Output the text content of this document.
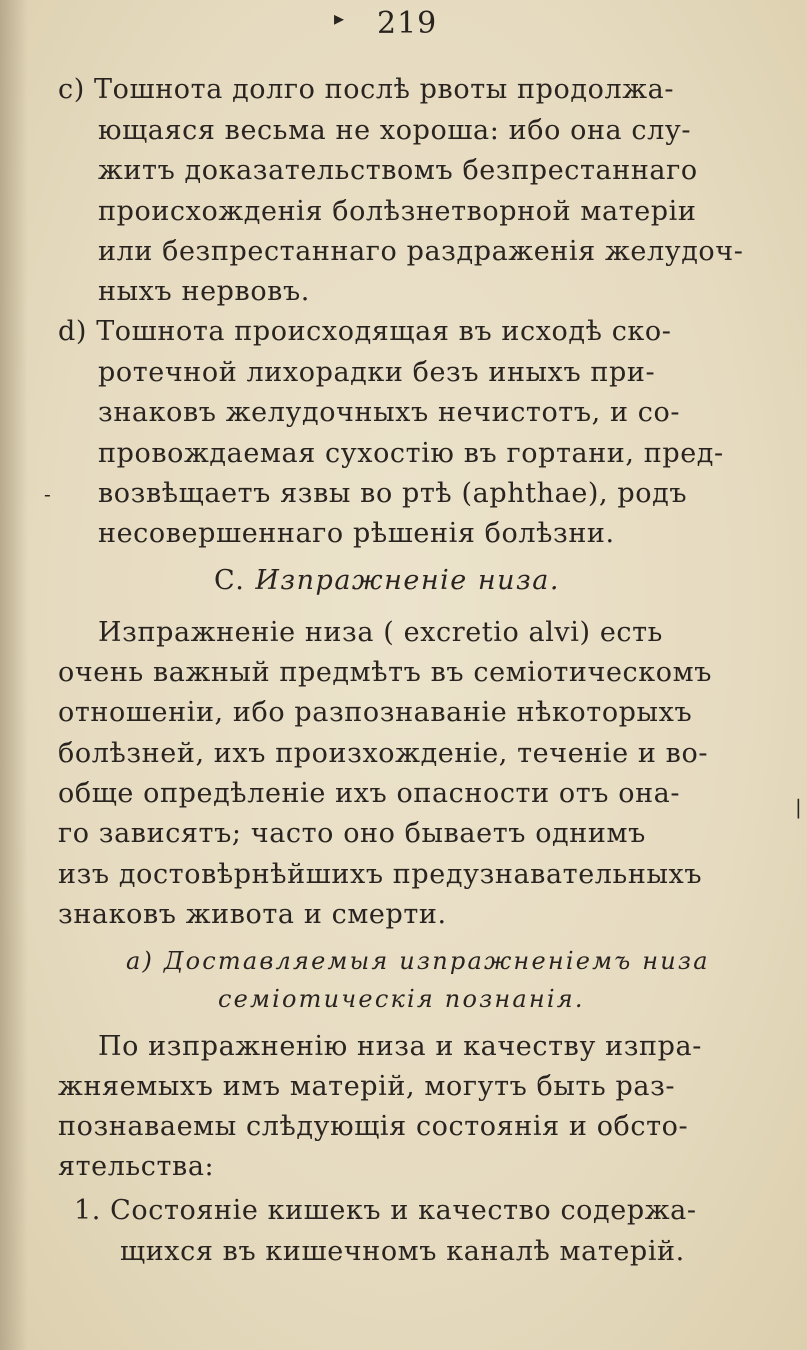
219
▸
c) Тошнота долго послѣ рвоты продолжа-
ющаяся весьма не хороша: ибо она слу-
житъ доказательствомъ безпрестаннаго
происхожденія болѣзнетворной матеріи
или безпрестаннаго раздраженія желудоч-
ныхъ нервовъ.
d) Тошнота происходящая въ исходѣ ско-
ротечной лихорадки безъ иныхъ при-
знаковъ желудочныхъ нечистотъ, и со-
провождаемая сухостію въ гортани, пред-
- возвѣщаетъ язвы во ртѣ (aphthae), родъ
несовершеннаго рѣшенія болѣзни.
C. Изпражненіе низа.
Изпражненіе низа ( excretio alvi) есть
очень важный предмѣтъ въ семіотическомъ
отношеніи, ибо разпознаваніе нѣкоторыхъ
болѣзней, ихъ произхожденіе, теченіе и во-
обще опредѣленіе ихъ опасности отъ она-
го зависятъ; часто оно бываетъ однимъ
изъ достовѣрнѣйшихъ предузнавательныхъ
знаковъ живота и смерти.
|
a) Доставляемыя изпражненіемъ низа
семіотическія познанія.
По изпражненію низа и качеству изпра-
жняемыхъ имъ матерій, могутъ быть раз-
познаваемы слѣдующія состоянія и обсто-
ятельства:
1. Состояніе кишекъ и качество содержа-
щихся въ кишечномъ каналѣ матерій.
